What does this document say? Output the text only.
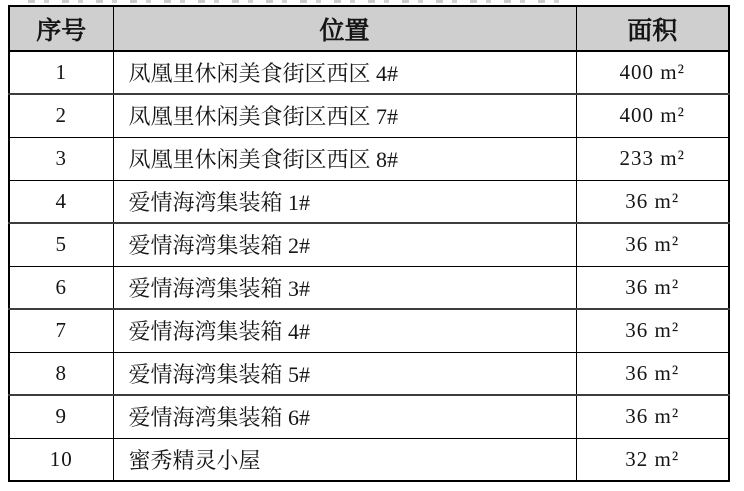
序号	位置	面积
1	凤凰里休闲美食街区西区 4#	400 m²
2	凤凰里休闲美食街区西区 7#	400 m²
3	凤凰里休闲美食街区西区 8#	233 m²
4	爱情海湾集装箱 1#	36 m²
5	爱情海湾集装箱 2#	36 m²
6	爱情海湾集装箱 3#	36 m²
7	爱情海湾集装箱 4#	36 m²
8	爱情海湾集装箱 5#	36 m²
9	爱情海湾集装箱 6#	36 m²
10	蜜秀精灵小屋	32 m²
